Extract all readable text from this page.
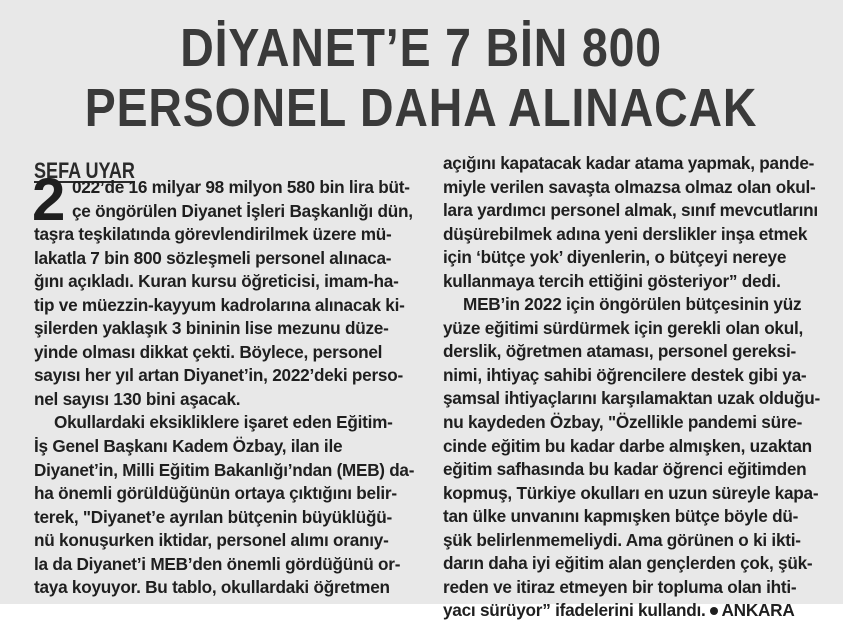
DİYANET’E 7 BİN 800
PERSONEL DAHA ALINACAK
SEFA UYAR
2 022’de 16 milyar 98 milyon 580 bin lira büt-
çe öngörülen Diyanet İşleri Başkanlığı dün,
taşra teşkilatında görevlendirilmek üzere mü-
lakatla 7 bin 800 sözleşmeli personel alınaca-
ğını açıkladı. Kuran kursu öğreticisi, imam-ha-
tip ve müezzin-kayyum kadrolarına alınacak ki-
şilerden yaklaşık 3 bininin lise mezunu düze-
yinde olması dikkat çekti. Böylece, personel
sayısı her yıl artan Diyanet’in, 2022’deki perso-
nel sayısı 130 bini aşacak.
Okullardaki eksikliklere işaret eden Eğitim-
İş Genel Başkanı Kadem Özbay, ilan ile
Diyanet’in, Milli Eğitim Bakanlığı’ndan (MEB) da-
ha önemli görüldüğünün ortaya çıktığını belir-
terek, "Diyanet’e ayrılan bütçenin büyüklüğü-
nü konuşurken iktidar, personel alımı oranıy-
la da Diyanet’i MEB’den önemli gördüğünü or-
taya koyuyor. Bu tablo, okullardaki öğretmen
açığını kapatacak kadar atama yapmak, pande-
miyle verilen savaşta olmazsa olmaz olan okul-
lara yardımcı personel almak, sınıf mevcutlarını
düşürebilmek adına yeni derslikler inşa etmek
için ‘bütçe yok’ diyenlerin, o bütçeyi nereye
kullanmaya tercih ettiğini gösteriyor” dedi.
MEB’in 2022 için öngörülen bütçesinin yüz
yüze eğitimi sürdürmek için gerekli olan okul,
derslik, öğretmen ataması, personel gereksi-
nimi, ihtiyaç sahibi öğrencilere destek gibi ya-
şamsal ihtiyaçlarını karşılamaktan uzak olduğu-
nu kaydeden Özbay, "Özellikle pandemi süre-
cinde eğitim bu kadar darbe almışken, uzaktan
eğitim safhasında bu kadar öğrenci eğitimden
kopmuş, Türkiye okulları en uzun süreyle kapa-
tan ülke unvanını kapmışken bütçe böyle dü-
şük belirlenmemeliydi. Ama görünen o ki ikti-
darın daha iyi eğitim alan gençlerden çok, şük-
reden ve itiraz etmeyen bir topluma olan ihti-
yacı sürüyor” ifadelerini kullandı. ANKARA
